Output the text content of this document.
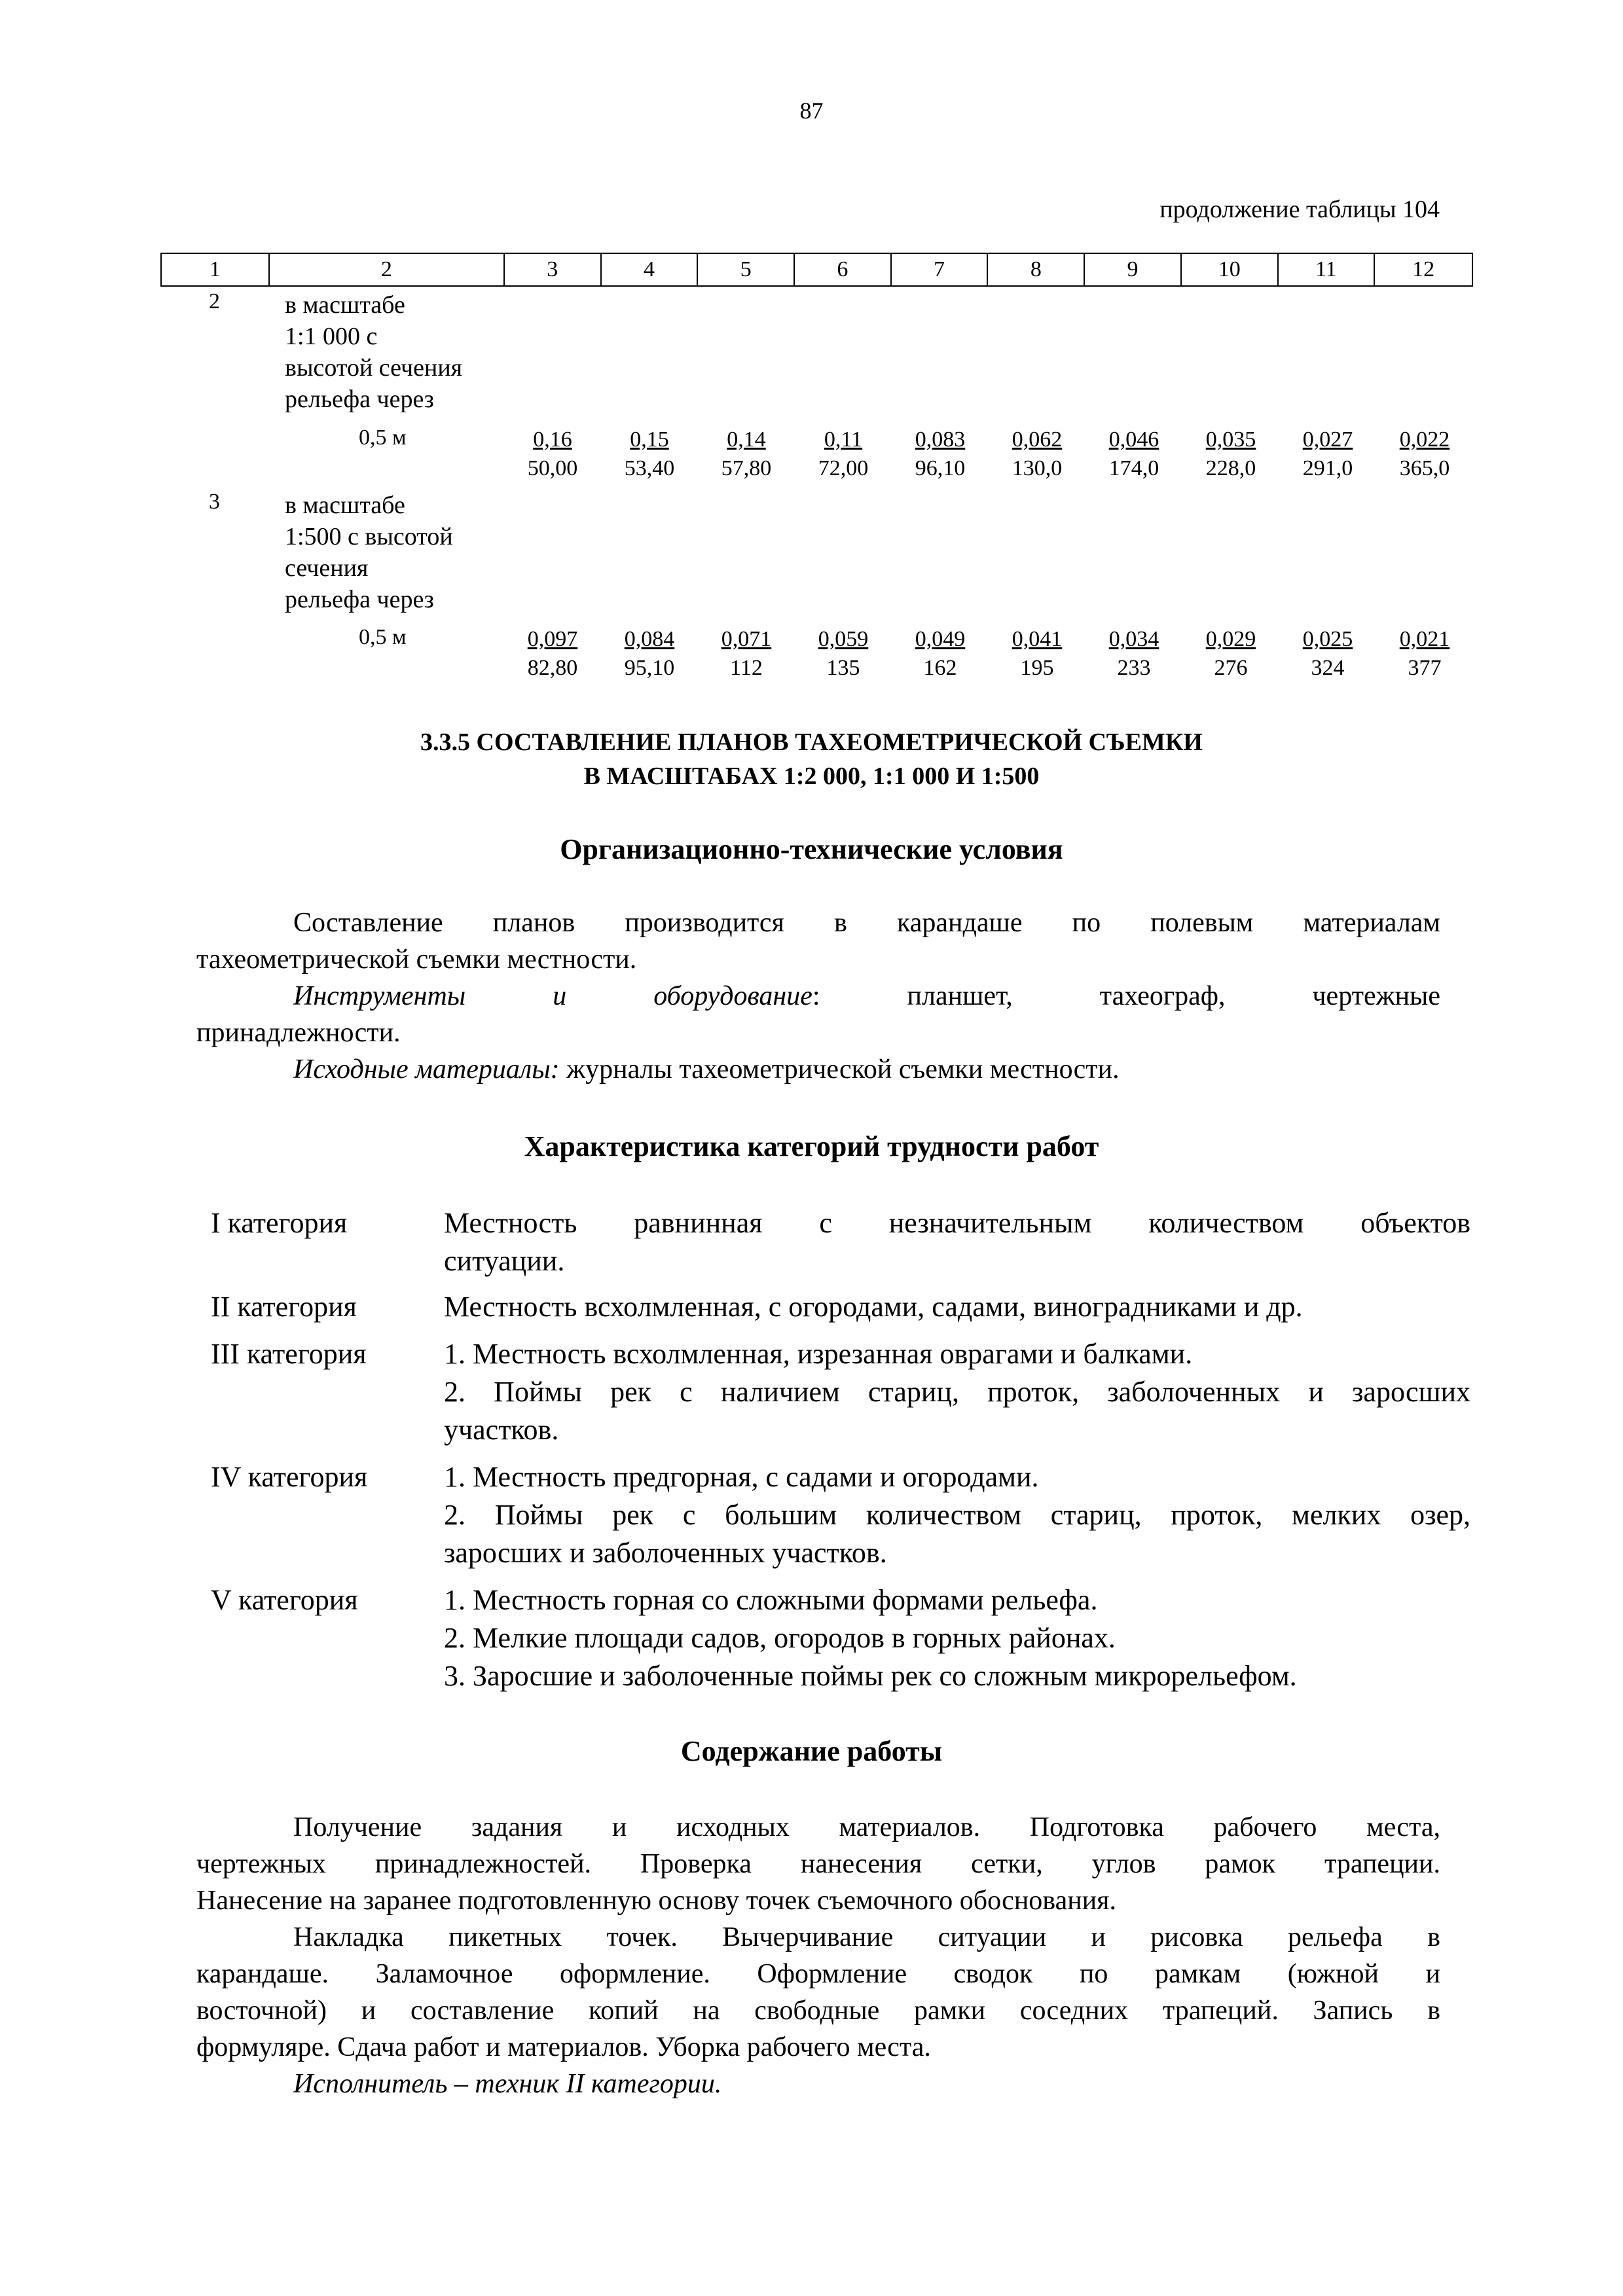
87
продолжение таблицы 104
1	2	3	4	5	6	7	8	9	10	11	12
2	в масштабе
1:1 000 с
высотой сечения
рельефа через
0,5 м	$\frac{0,16}{50,00} \frac{0,15}{53,40} \frac{0,14}{57,80} \frac{0,11}{72,00} \frac{0,083}{96,10} \frac{0,062}{130,0} \frac{0,046}{174,0} \frac{0,035}{228,0} \frac{0,027}{291,0} \frac{0,022}{365,0}$
3	в масштабе
1:500 с высотой
сечения
рельефа через
0,5 м	$\frac{0,097}{82,80} \frac{0,084}{95,10} \frac{0,071}{112} \frac{0,059}{135} \frac{0,049}{162} \frac{0,041}{195} \frac{0,034}{233} \frac{0,029}{276} \frac{0,025}{324} \frac{0,021}{377}$
3.3.5 СОСТАВЛЕНИЕ ПЛАНОВ ТАХЕОМЕТРИЧЕСКОЙ СЪЕМКИ
В МАСШТАБАХ 1:2 000, 1:1 000 И 1:500
Организационно-технические условия
Составление планов производится в карандаше по полевым материалам
тахеометрической съемки местности.
Инструменты и оборудование: планшет, тахеограф, чертежные
принадлежности.
Исходные материалы: журналы тахеометрической съемки местности.
Характеристика категорий трудности работ
I категория	Местность равнинная с незначительным количеством объектов
ситуации.
II категория	Местность всхолмленная, с огородами, садами, виноградниками и др.
III категория	1. Местность всхолмленная, изрезанная оврагами и балками.
2. Поймы рек с наличием стариц, проток, заболоченных и заросших
участков.
IV категория	1. Местность предгорная, с садами и огородами.
2. Поймы рек с большим количеством стариц, проток, мелких озер,
заросших и заболоченных участков.
V категория	1. Местность горная со сложными формами рельефа.
2. Мелкие площади садов, огородов в горных районах.
3. Заросшие и заболоченные поймы рек со сложным микрорельефом.
Содержание работы
Получение задания и исходных материалов. Подготовка рабочего места,
чертежных принадлежностей. Проверка нанесения сетки, углов рамок трапеции.
Нанесение на заранее подготовленную основу точек съемочного обоснования.
Накладка пикетных точек. Вычерчивание ситуации и рисовка рельефа в
карандаше. Заламочное оформление. Оформление сводок по рамкам (южной и
восточной) и составление копий на свободные рамки соседних трапеций. Запись в
формуляре. Сдача работ и материалов. Уборка рабочего места.
Исполнитель – техник II категории.
